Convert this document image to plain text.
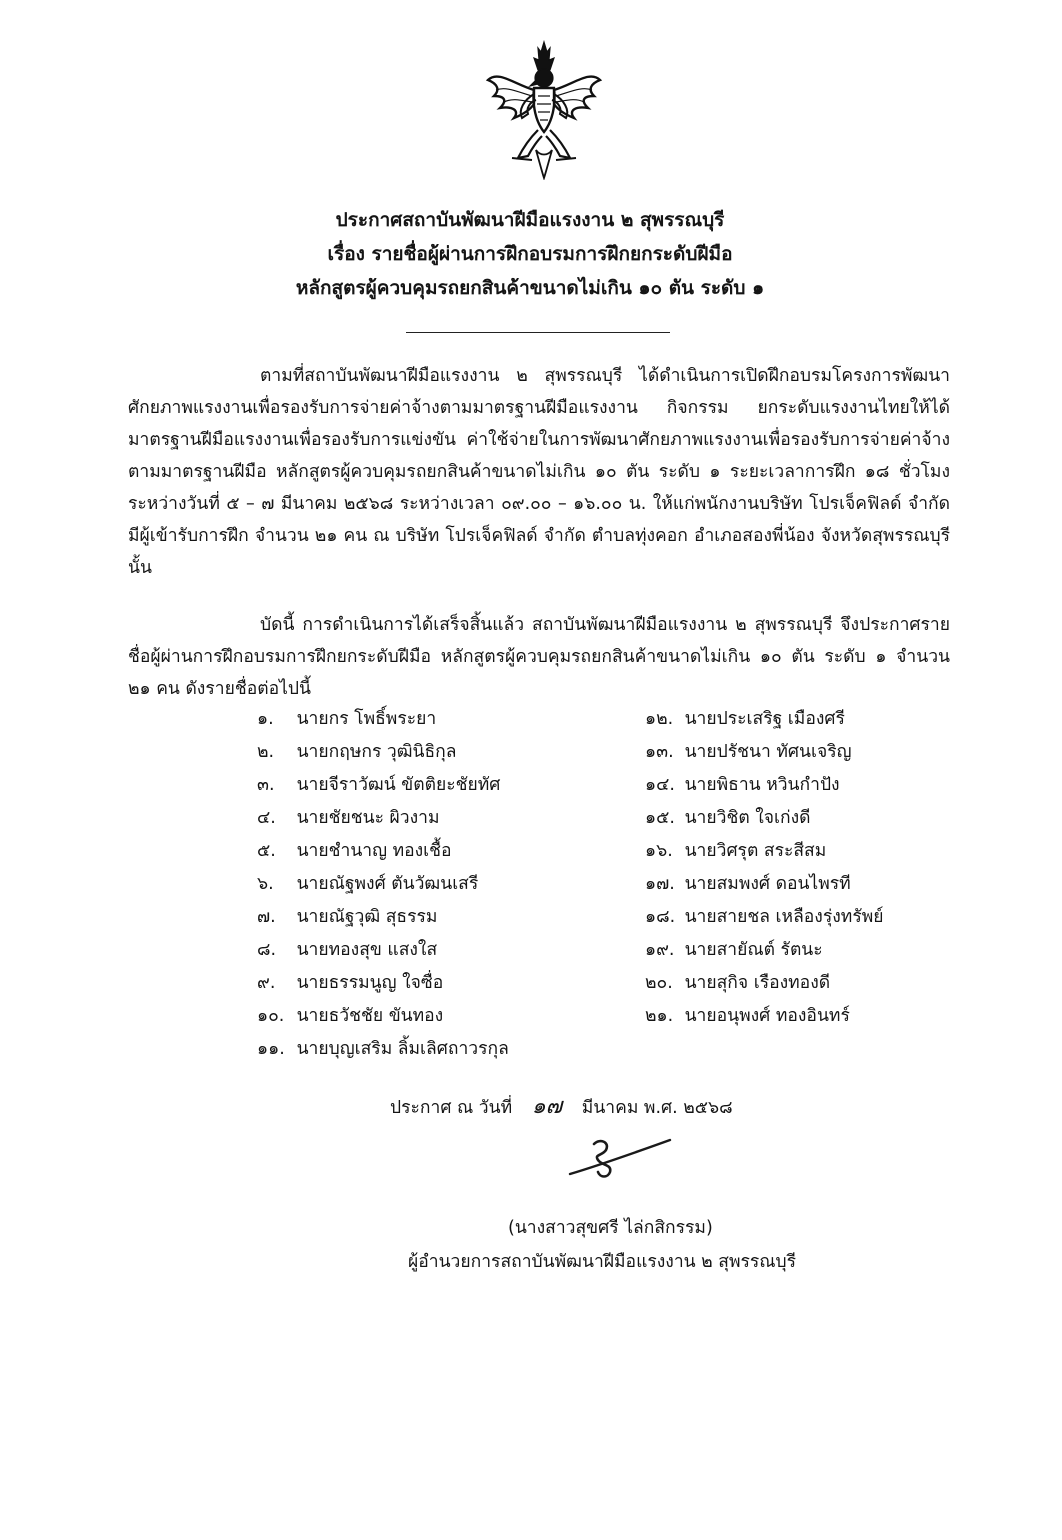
ประกาศสถาบันพัฒนาฝีมือแรงงาน ๒ สุพรรณบุรี
เรื่อง รายชื่อผู้ผ่านการฝึกอบรมการฝึกยกระดับฝีมือ
หลักสูตรผู้ควบคุมรถยกสินค้าขนาดไม่เกิน ๑๐ ตัน ระดับ ๑
ตามที่สถาบันพัฒนาฝีมือแรงงาน ๒ สุพรรณบุรี ได้ดำเนินการเปิดฝึกอบรมโครงการพัฒนาศักยภาพแรงงานเพื่อรองรับการจ่ายค่าจ้างตามมาตรฐานฝีมือแรงงาน กิจกรรม ยกระดับแรงงานไทยให้ได้มาตรฐานฝีมือแรงงานเพื่อรองรับการแข่งขัน ค่าใช้จ่ายในการพัฒนาศักยภาพแรงงานเพื่อรองรับการจ่ายค่าจ้างตามมาตรฐานฝีมือ หลักสูตรผู้ควบคุมรถยกสินค้าขนาดไม่เกิน ๑๐ ตัน ระดับ ๑ ระยะเวลาการฝึก ๑๘ ชั่วโมง ระหว่างวันที่ ๕ – ๗ มีนาคม ๒๕๖๘ ระหว่างเวลา ๐๙.๐๐ – ๑๖.๐๐ น. ให้แก่พนักงานบริษัท โปรเจ็คฟิลด์ จำกัด มีผู้เข้ารับการฝึก จำนวน ๒๑ คน ณ บริษัท โปรเจ็คฟิลด์ จำกัด ตำบลทุ่งคอก อำเภอสองพี่น้อง จังหวัดสุพรรณบุรี นั้น
บัดนี้ การดำเนินการได้เสร็จสิ้นแล้ว สถาบันพัฒนาฝีมือแรงงาน ๒ สุพรรณบุรี จึงประกาศรายชื่อผู้ผ่านการฝึกอบรมการฝึกยกระดับฝีมือ หลักสูตรผู้ควบคุมรถยกสินค้าขนาดไม่เกิน ๑๐ ตัน ระดับ ๑ จำนวน ๒๑ คน ดังรายชื่อต่อไปนี้
๑. นายกร โพธิ์พระยา
๒. นายกฤษกร วุฒินิธิกุล
๓. นายจีราวัฒน์ ขัตติยะชัยทัศ
๔. นายชัยชนะ ผิวงาม
๕. นายชำนาญ ทองเชื้อ
๖. นายณัฐพงศ์ ตันวัฒนเสรี
๗. นายณัฐวุฒิ สุธรรม
๘. นายทองสุข แสงใส
๙. นายธรรมนูญ ใจซื่อ
๑๐. นายธวัชชัย ขันทอง
๑๑. นายบุญเสริม ลิ้มเลิศถาวรกุล
๑๒. นายประเสริฐ เมืองศรี
๑๓. นายปรัชนา ทัศนเจริญ
๑๔. นายพิธาน หวินกำปัง
๑๕. นายวิชิต ใจเก่งดี
๑๖. นายวิศรุต สระสีสม
๑๗. นายสมพงศ์ ดอนไพรที
๑๘. นายสายชล เหลืองรุ่งทรัพย์
๑๙. นายสายัณต์ รัตนะ
๒๐. นายสุกิจ เรืองทองดี
๒๑. นายอนุพงศ์ ทองอินทร์
ประกาศ ณ วันที่ ๑๗ มีนาคม พ.ศ. ๒๕๖๘
(นางสาวสุขศรี ไล่กสิกรรม)
ผู้อำนวยการสถาบันพัฒนาฝีมือแรงงาน ๒ สุพรรณบุรี
